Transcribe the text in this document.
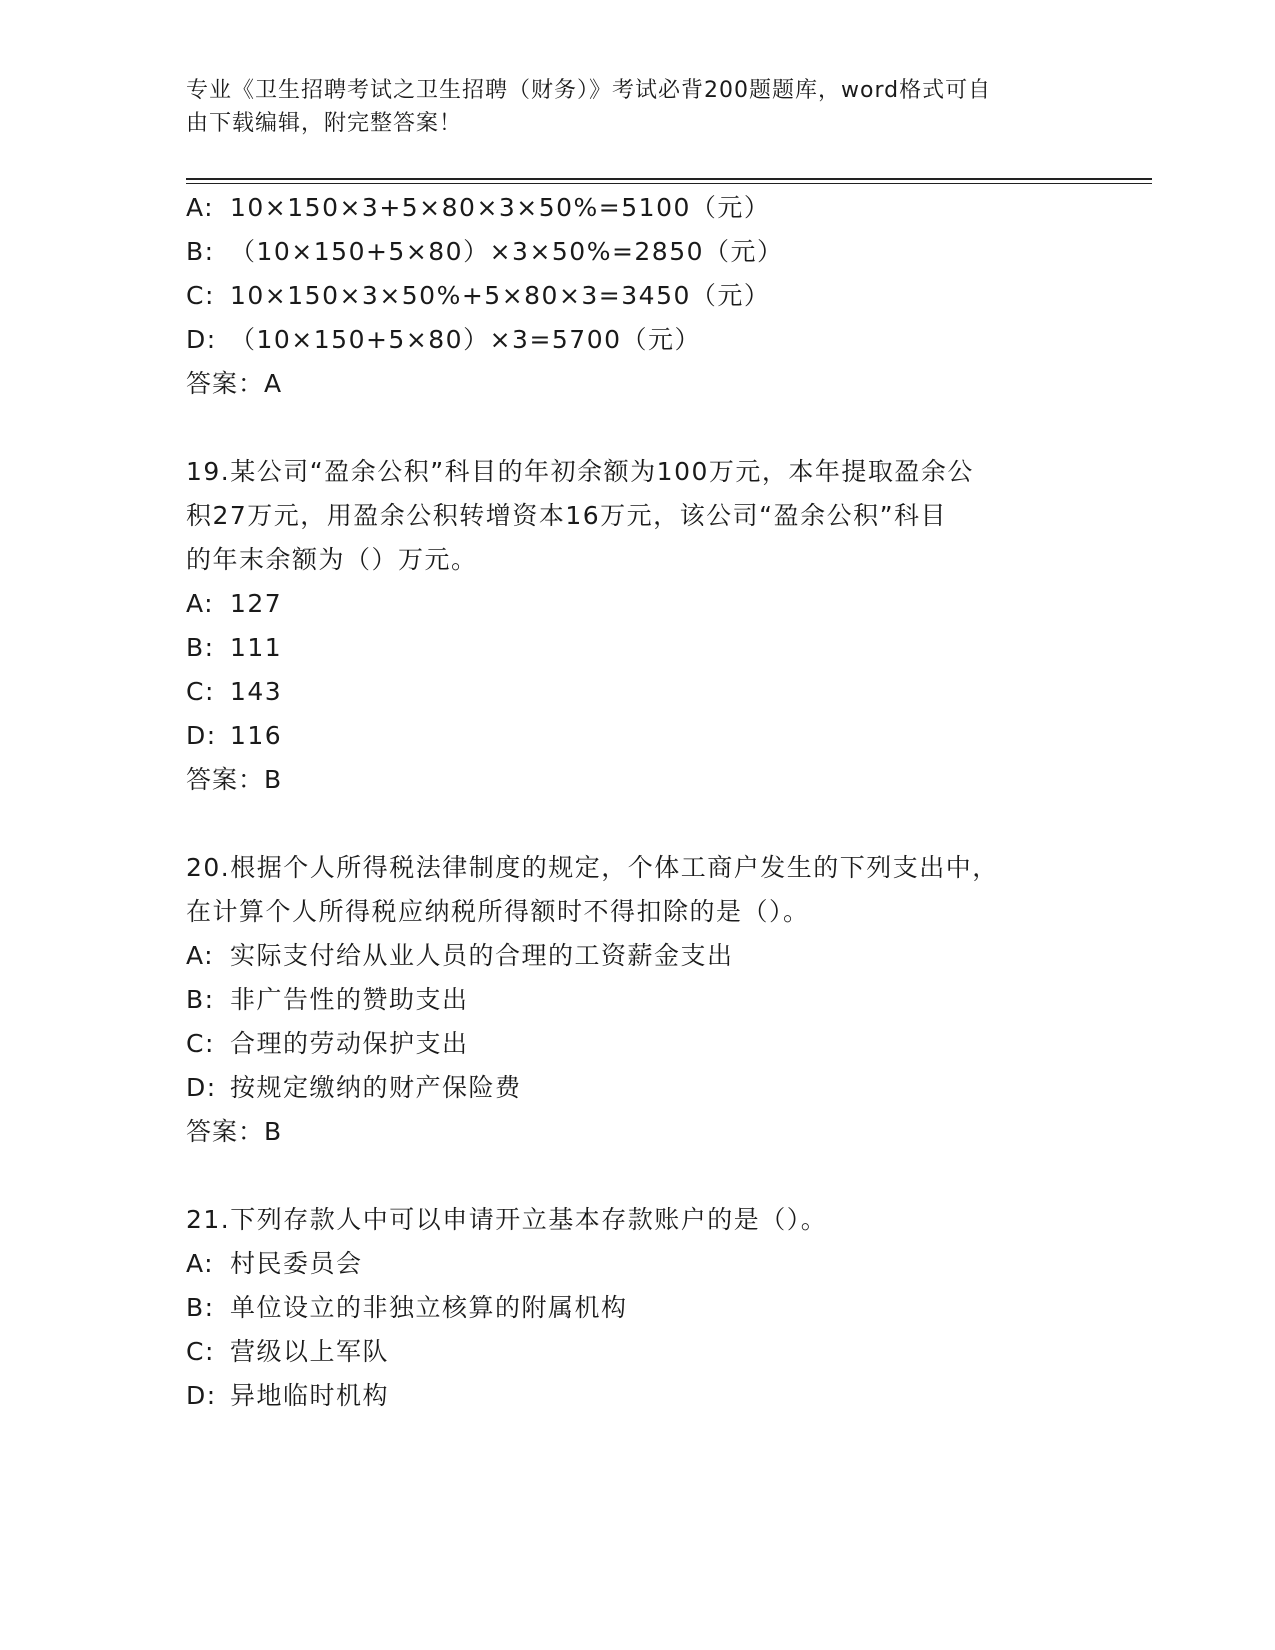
专业《卫生招聘考试之卫生招聘（财务）》考试必背200题题库，word格式可自
由下载编辑，附完整答案！
A: 10×150×3+5×80×3×50%=5100（元）
B: （10×150+5×80）×3×50%=2850（元）
C: 10×150×3×50%+5×80×3=3450（元）
D: （10×150+5×80）×3=5700（元）
答案：A
19.某公司“盈余公积”科目的年初余额为100万元，本年提取盈余公
积27万元，用盈余公积转增资本16万元，该公司“盈余公积”科目
的年末余额为（）万元。
A: 127
B: 111
C: 143
D: 116
答案：B
20.根据个人所得税法律制度的规定，个体工商户发生的下列支出中，
在计算个人所得税应纳税所得额时不得扣除的是（）。
A: 实际支付给从业人员的合理的工资薪金支出
B: 非广告性的赞助支出
C: 合理的劳动保护支出
D: 按规定缴纳的财产保险费
答案：B
21.下列存款人中可以申请开立基本存款账户的是（）。
A: 村民委员会
B: 单位设立的非独立核算的附属机构
C: 营级以上军队
D: 异地临时机构
